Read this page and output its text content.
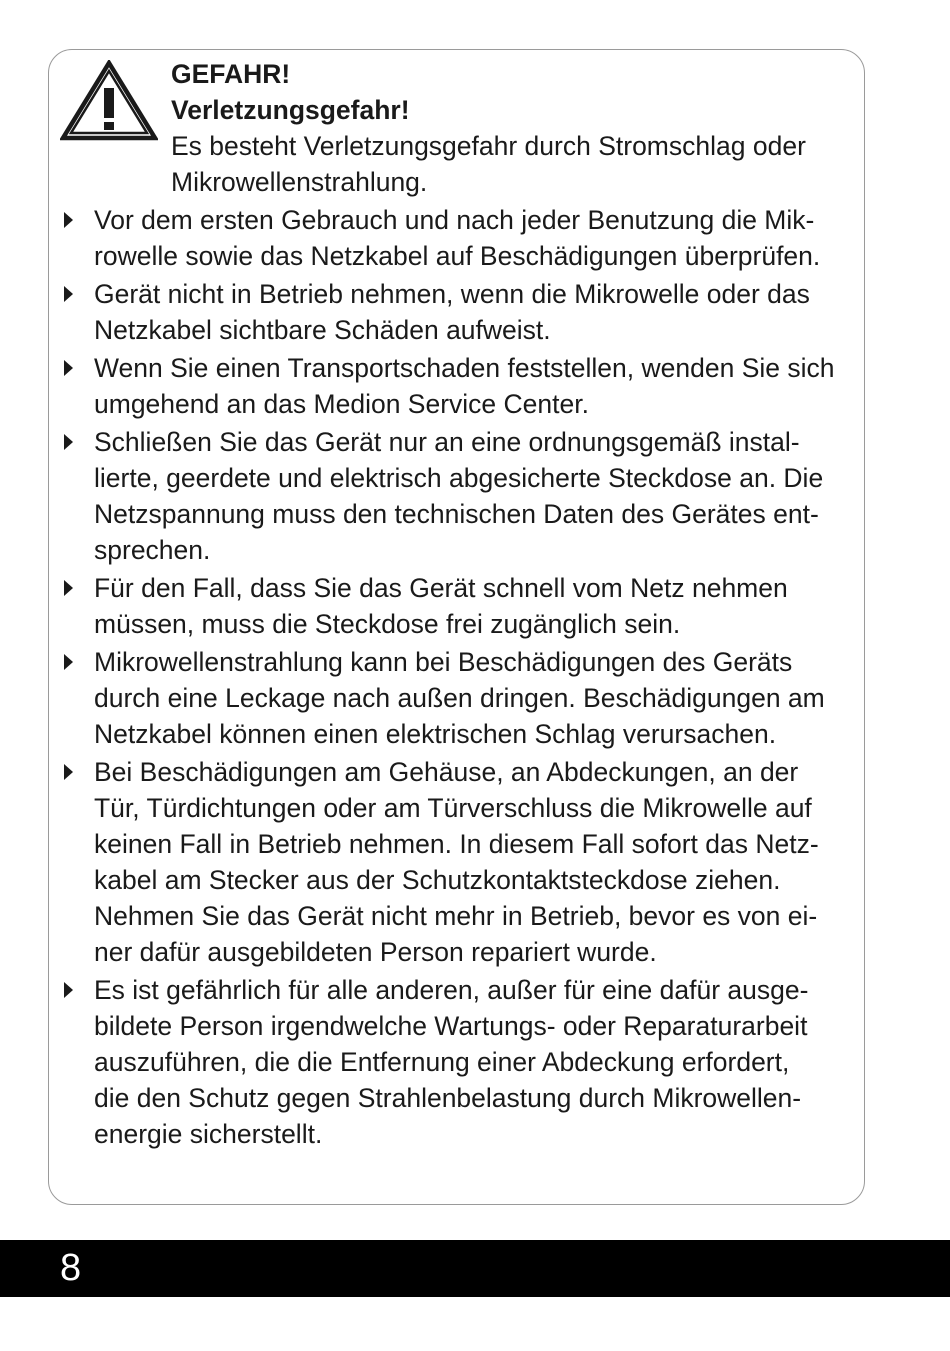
GEFAHR!

Verletzungsgefahr!

Es besteht Verletzungsgefahr durch Stromschlag oder

Mikrowellenstrahlung.

Vor dem ersten Gebrauch und nach jeder Benutzung die Mik-

rowelle sowie das Netzkabel auf Beschädigungen überprüfen.

Gerät nicht in Betrieb nehmen, wenn die Mikrowelle oder das

Netzkabel sichtbare Schäden aufweist.

Wenn Sie einen Transportschaden feststellen, wenden Sie sich

umgehend an das Medion Service Center.

Schließen Sie das Gerät nur an eine ordnungsgemäß instal-

lierte, geerdete und elektrisch abgesicherte Steckdose an. Die

Netzspannung muss den technischen Daten des Gerätes ent-

sprechen.

Für den Fall, dass Sie das Gerät schnell vom Netz nehmen

müssen, muss die Steckdose frei zugänglich sein.

Mikrowellenstrahlung kann bei Beschädigungen des Geräts

durch eine Leckage nach außen dringen. Beschädigungen am

Netzkabel können einen elektrischen Schlag verursachen.

Bei Beschädigungen am Gehäuse, an Abdeckungen, an der

Tür, Türdichtungen oder am Türverschluss die Mikrowelle auf

keinen Fall in Betrieb nehmen. In diesem Fall sofort das Netz-

kabel am Stecker aus der Schutzkontaktsteckdose ziehen.

Nehmen Sie das Gerät nicht mehr in Betrieb, bevor es von ei-

ner dafür ausgebildeten Person repariert wurde.

Es ist gefährlich für alle anderen, außer für eine dafür ausge-

bildete Person irgendwelche Wartungs- oder Reparaturarbeit

auszuführen, die die Entfernung einer Abdeckung erfordert,

die den Schutz gegen Strahlenbelastung durch Mikrowellen-

energie sicherstellt.

8
